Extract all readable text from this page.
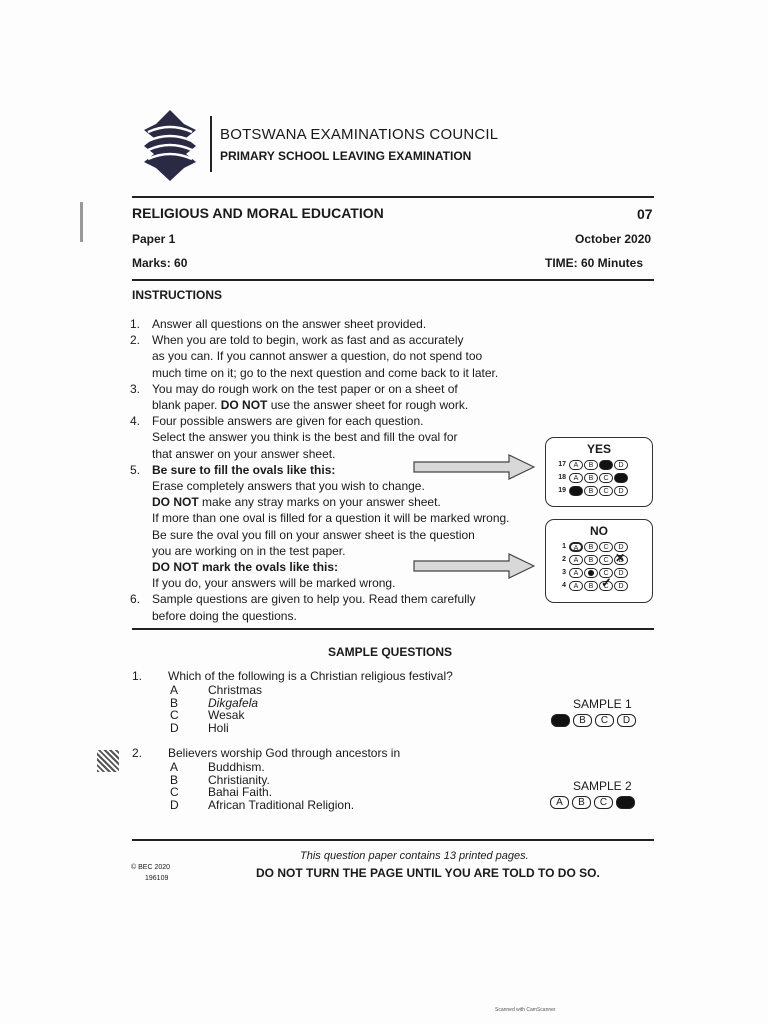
BOTSWANA EXAMINATIONS COUNCIL
PRIMARY SCHOOL LEAVING EXAMINATION
RELIGIOUS AND MORAL EDUCATION	07
Paper 1	October 2020
Marks: 60	TIME: 60 Minutes
INSTRUCTIONS
1. Answer all questions on the answer sheet provided.
2. When you are told to begin, work as fast and as accurately
as you can. If you cannot answer a question, do not spend too
much time on it; go to the next question and come back to it later.
3. You may do rough work on the test paper or on a sheet of
blank paper. DO NOT use the answer sheet for rough work.
4. Four possible answers are given for each question.
Select the answer you think is the best and fill the oval for
that answer on your answer sheet.
5. Be sure to fill the ovals like this:
Erase completely answers that you wish to change.
DO NOT make any stray marks on your answer sheet.
If more than one oval is filled for a question it will be marked wrong.
Be sure the oval you fill on your answer sheet is the question
you are working on in the test paper.
DO NOT mark the ovals like this:
If you do, your answers will be marked wrong.
6. Sample questions are given to help you. Read them carefully
before doing the questions.
YES
17	A	B	D
18	A	B	C
19	B	C	D
NO
1	A	B	C	D
2	A	B	C	D ✕
3	A	C	D
4	A	B	C ✓	D
SAMPLE QUESTIONS
1. Which of the following is a Christian religious festival?
A	Christmas
B	Dikgafela
C	Wesak
D	Holi
SAMPLE 1
B	C	D
2. Believers worship God through ancestors in
A	Buddhism.
B	Christianity.
C	Bahai Faith.
D	African Traditional Religion.
SAMPLE 2
A	B	C
© BEC 2020
196109
This question paper contains 13 printed pages.
DO NOT TURN THE PAGE UNTIL YOU ARE TOLD TO DO SO.
Scanned with CamScanner
